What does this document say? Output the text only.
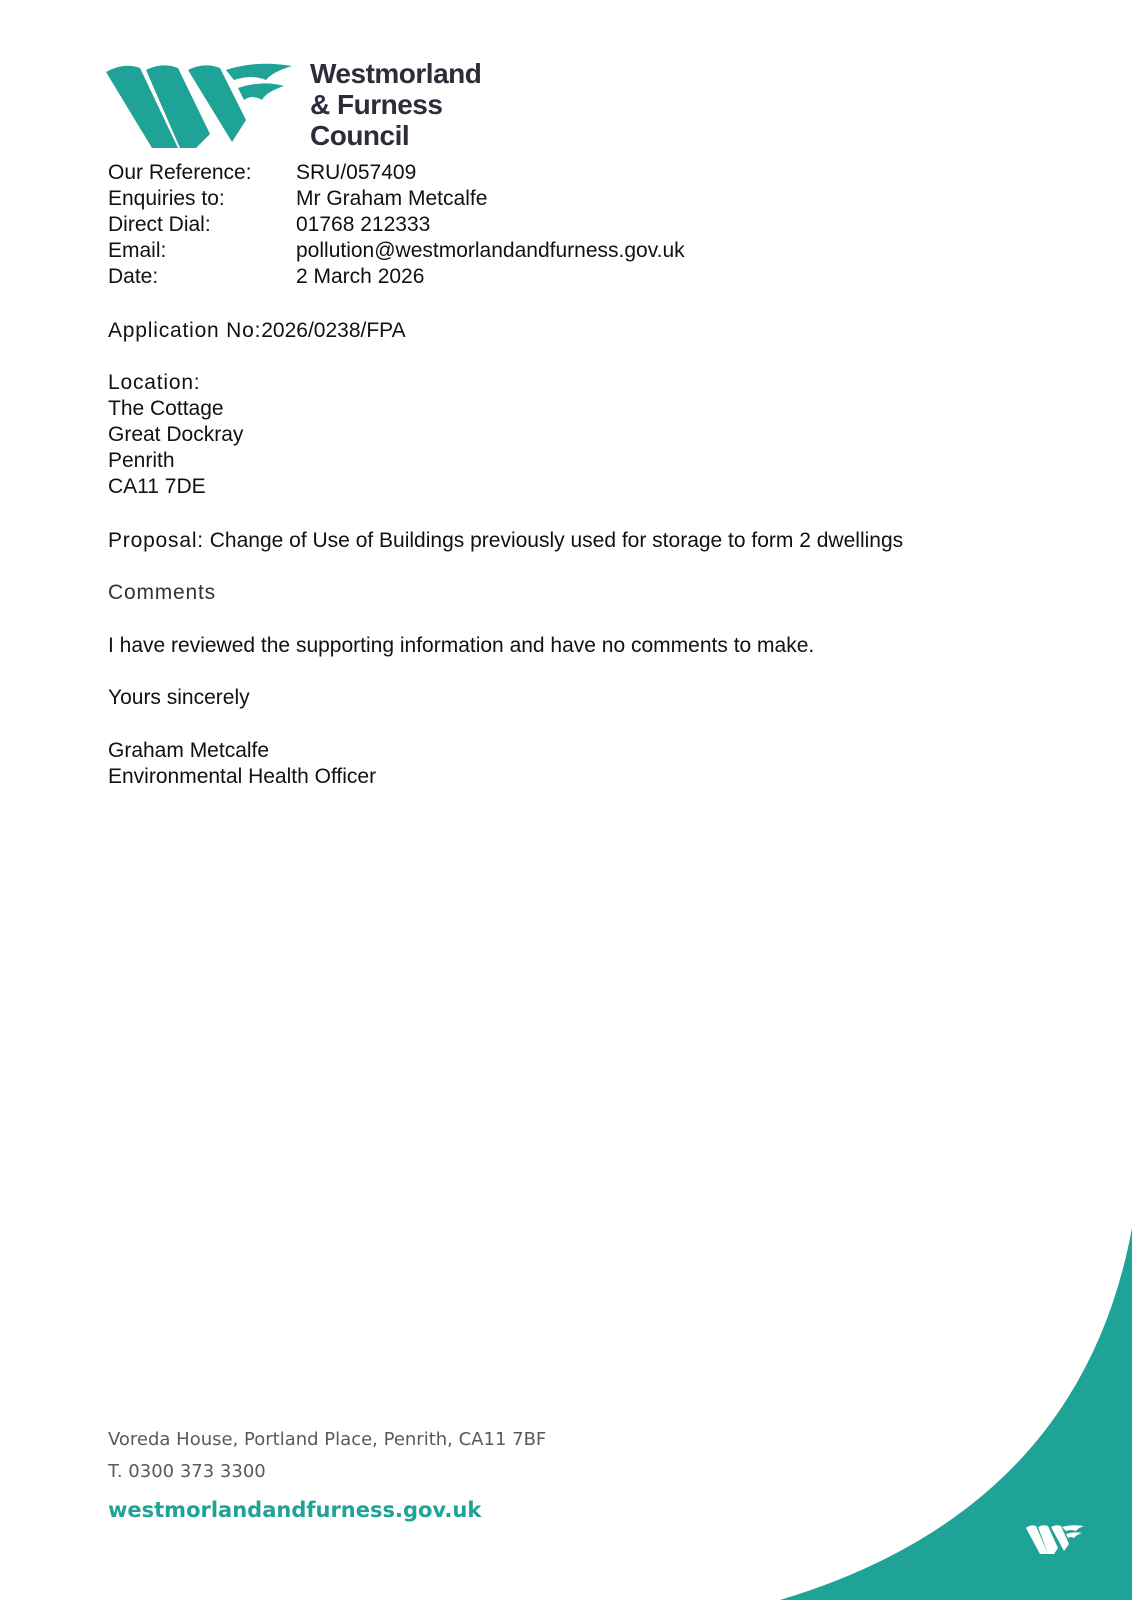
Westmorland
& Furness
Council
Our Reference:	SRU/057409
Enquiries to:	Mr Graham Metcalfe
Direct Dial:	01768 212333
Email:	pollution@westmorlandandfurness.gov.uk
Date:	2 March 2026
Application No:2026/0238/FPA
Location:
The Cottage
Great Dockray
Penrith
CA11 7DE
Proposal: Change of Use of Buildings previously used for storage to form 2 dwellings
Comments
I have reviewed the supporting information and have no comments to make.
Yours sincerely
Graham Metcalfe
Environmental Health Officer
Voreda House, Portland Place, Penrith, CA11 7BF
T. 0300 373 3300
westmorlandandfurness.gov.uk
